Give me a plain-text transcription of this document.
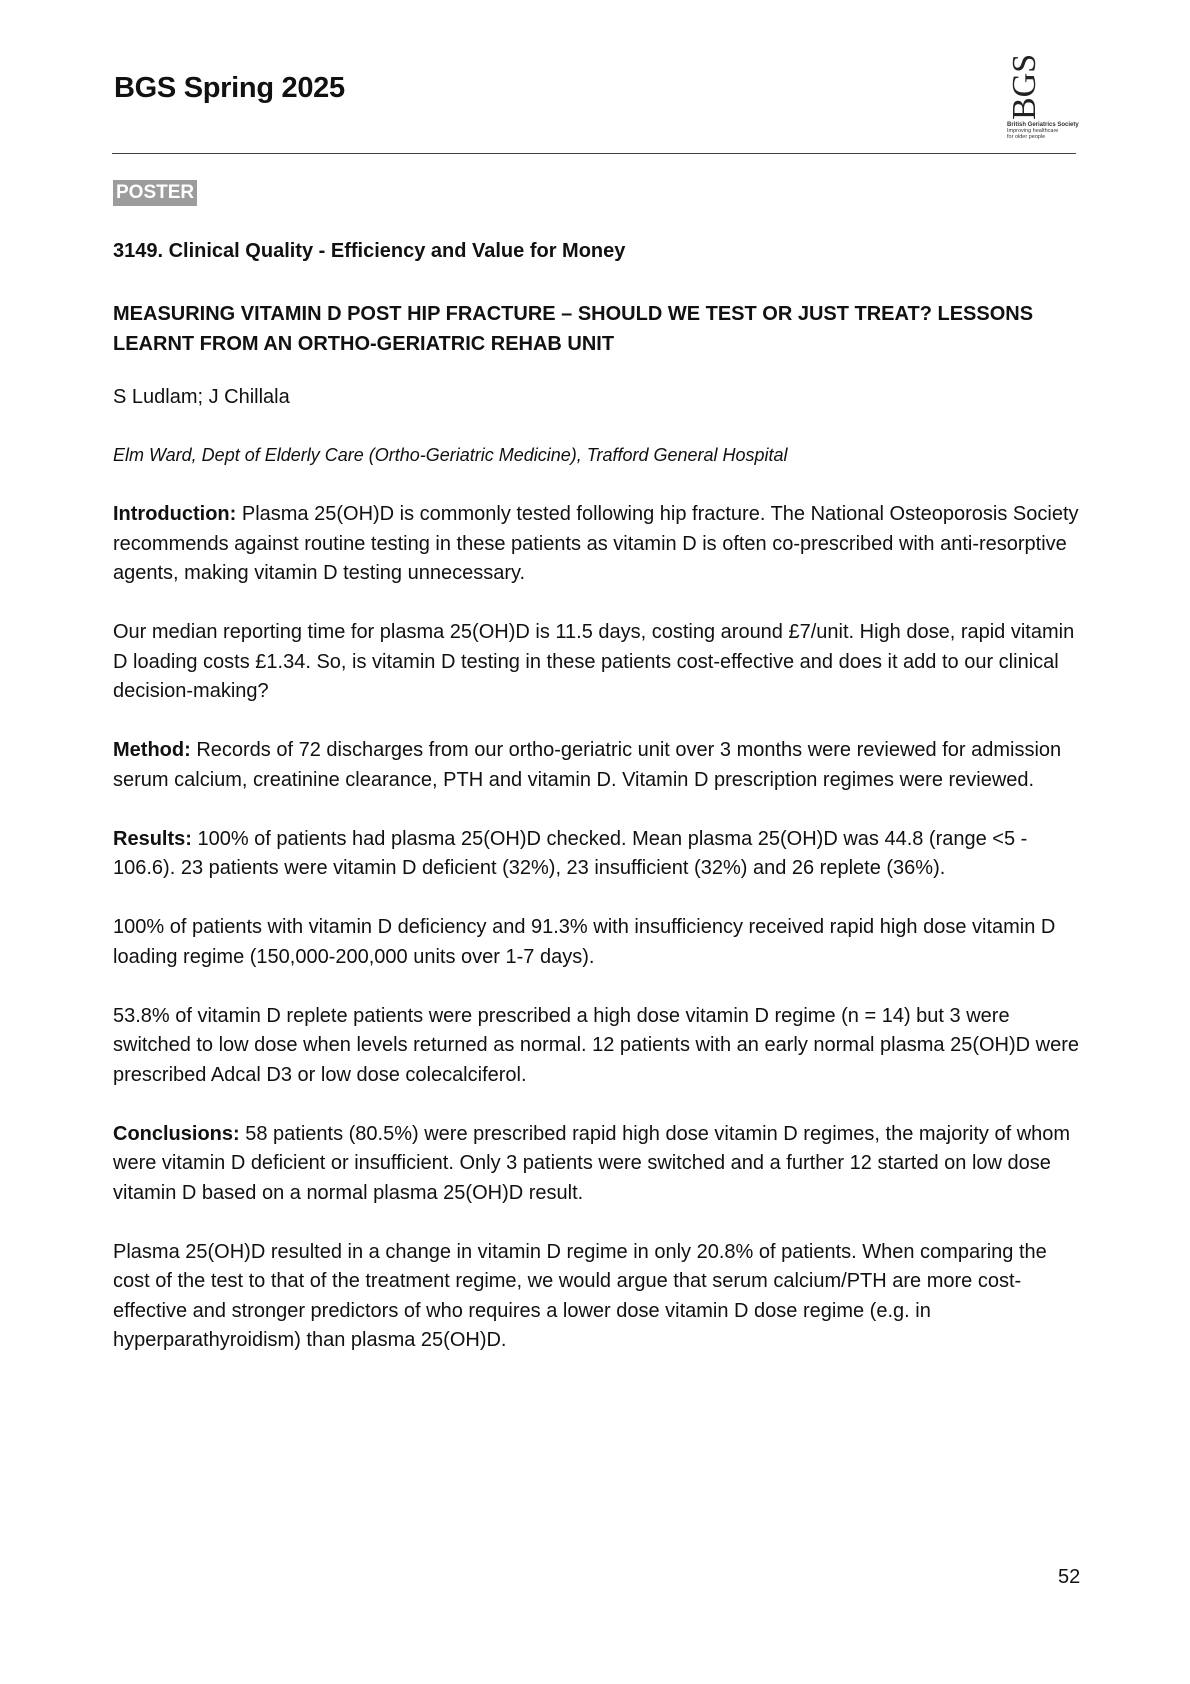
BGS Spring 2025	BGS
British Geriatrics Society
Improving healthcare
for older people
POSTER
3149. Clinical Quality - Efficiency and Value for Money
MEASURING VITAMIN D POST HIP FRACTURE – SHOULD WE TEST OR JUST TREAT? LESSONS LEARNT FROM AN ORTHO-GERIATRIC REHAB UNIT

S Ludlam; J Chillala

Elm Ward, Dept of Elderly Care (Ortho-Geriatric Medicine), Trafford General Hospital

Introduction: Plasma 25(OH)D is commonly tested following hip fracture. The National Osteoporosis Society recommends against routine testing in these patients as vitamin D is often co-prescribed with anti-resorptive agents, making vitamin D testing unnecessary.

Our median reporting time for plasma 25(OH)D is 11.5 days, costing around £7/unit. High dose, rapid vitamin D loading costs £1.34. So, is vitamin D testing in these patients cost-effective and does it add to our clinical decision-making?

Method: Records of 72 discharges from our ortho-geriatric unit over 3 months were reviewed for admission serum calcium, creatinine clearance, PTH and vitamin D. Vitamin D prescription regimes were reviewed.

Results: 100% of patients had plasma 25(OH)D checked. Mean plasma 25(OH)D was 44.8 (range <5 - 106.6). 23 patients were vitamin D deficient (32%), 23 insufficient (32%) and 26 replete (36%).

100% of patients with vitamin D deficiency and 91.3% with insufficiency received rapid high dose vitamin D loading regime (150,000-200,000 units over 1-7 days).

53.8% of vitamin D replete patients were prescribed a high dose vitamin D regime (n = 14) but 3 were switched to low dose when levels returned as normal. 12 patients with an early normal plasma 25(OH)D were prescribed Adcal D3 or low dose colecalciferol.

Conclusions: 58 patients (80.5%) were prescribed rapid high dose vitamin D regimes, the majority of whom were vitamin D deficient or insufficient. Only 3 patients were switched and a further 12 started on low dose vitamin D based on a normal plasma 25(OH)D result.

Plasma 25(OH)D resulted in a change in vitamin D regime in only 20.8% of patients. When comparing the cost of the test to that of the treatment regime, we would argue that serum calcium/PTH are more cost-effective and stronger predictors of who requires a lower dose vitamin D dose regime (e.g. in hyperparathyroidism) than plasma 25(OH)D.

52
